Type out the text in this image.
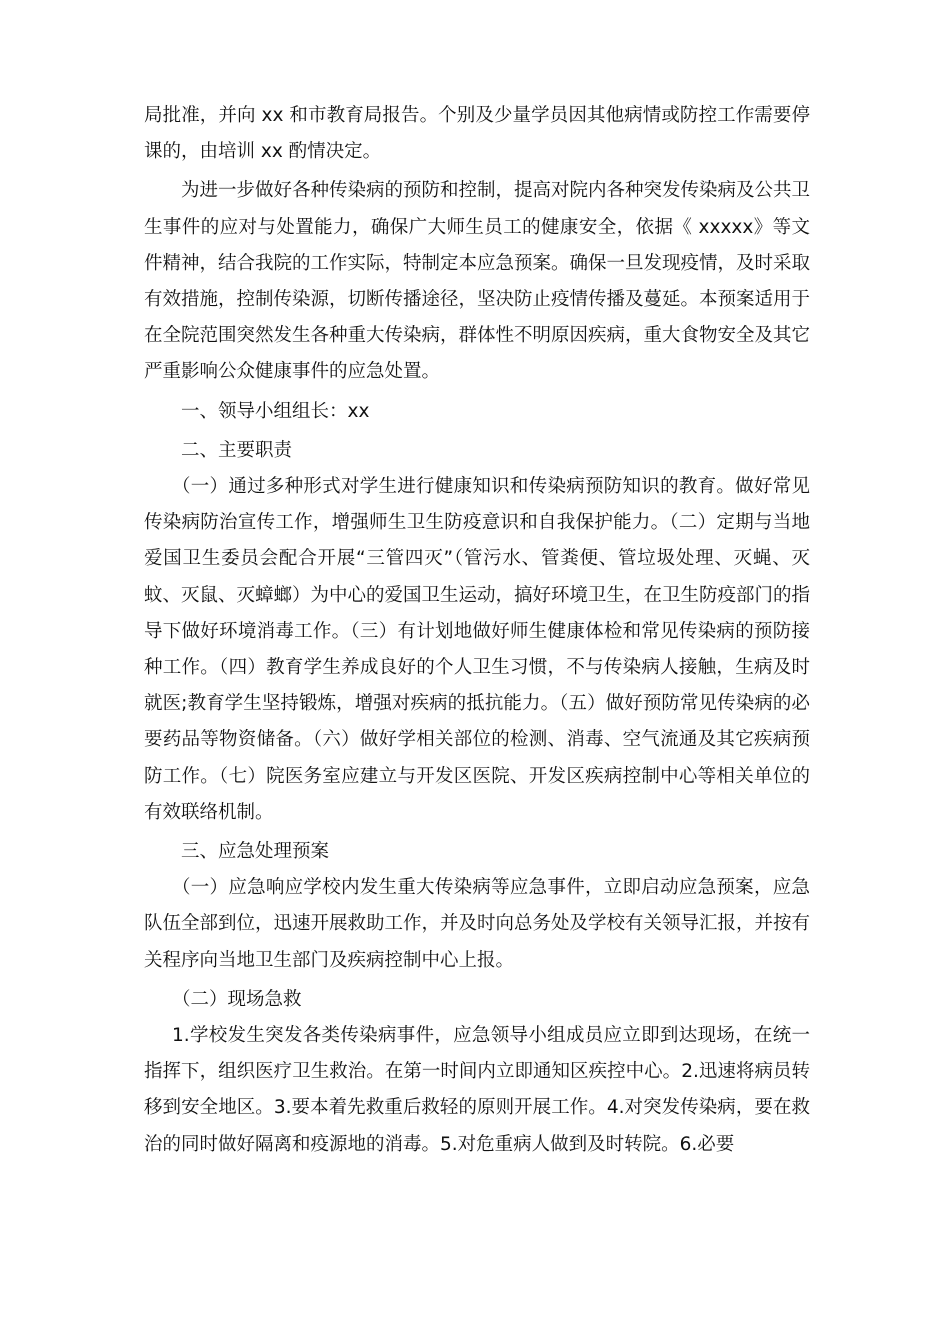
局批准，并向 xx 和市教育局报告。个别及少量学员因其他病情或防控工作需要停课的，由培训 xx 酌情决定。

为进一步做好各种传染病的预防和控制，提高对院内各种突发传染病及公共卫生事件的应对与处置能力，确保广大师生员工的健康安全，依据《 xxxxx》等文件精神，结合我院的工作实际，特制定本应急预案。确保一旦发现疫情，及时采取有效措施，控制传染源，切断传播途径，坚决防止疫情传播及蔓延。本预案适用于在全院范围突然发生各种重大传染病，群体性不明原因疾病，重大食物安全及其它严重影响公众健康事件的应急处置。

一、领导小组组长：xx

二、主要职责

（一）通过多种形式对学生进行健康知识和传染病预防知识的教育。做好常见传染病防治宣传工作，增强师生卫生防疫意识和自我保护能力。（二）定期与当地爱国卫生委员会配合开展“三管四灭”（管污水、管粪便、管垃圾处理、灭蝇、灭蚊、灭鼠、灭蟑螂）为中心的爱国卫生运动，搞好环境卫生，在卫生防疫部门的指导下做好环境消毒工作。（三）有计划地做好师生健康体检和常见传染病的预防接种工作。（四）教育学生养成良好的个人卫生习惯，不与传染病人接触，生病及时就医;教育学生坚持锻炼，增强对疾病的抵抗能力。（五）做好预防常见传染病的必要药品等物资储备。（六）做好学相关部位的检测、消毒、空气流通及其它疾病预防工作。（七）院医务室应建立与开发区医院、开发区疾病控制中心等相关单位的有效联络机制。

三、应急处理预案

（一）应急响应学校内发生重大传染病等应急事件，立即启动应急预案，应急队伍全部到位，迅速开展救助工作，并及时向总务处及学校有关领导汇报，并按有关程序向当地卫生部门及疾病控制中心上报。

（二）现场急救

1.学校发生突发各类传染病事件，应急领导小组成员应立即到达现场，在统一指挥下，组织医疗卫生救治。在第一时间内立即通知区疾控中心。2.迅速将病员转移到安全地区。3.要本着先救重后救轻的原则开展工作。4.对突发传染病，要在救治的同时做好隔离和疫源地的消毒。5.对危重病人做到及时转院。6.必要
